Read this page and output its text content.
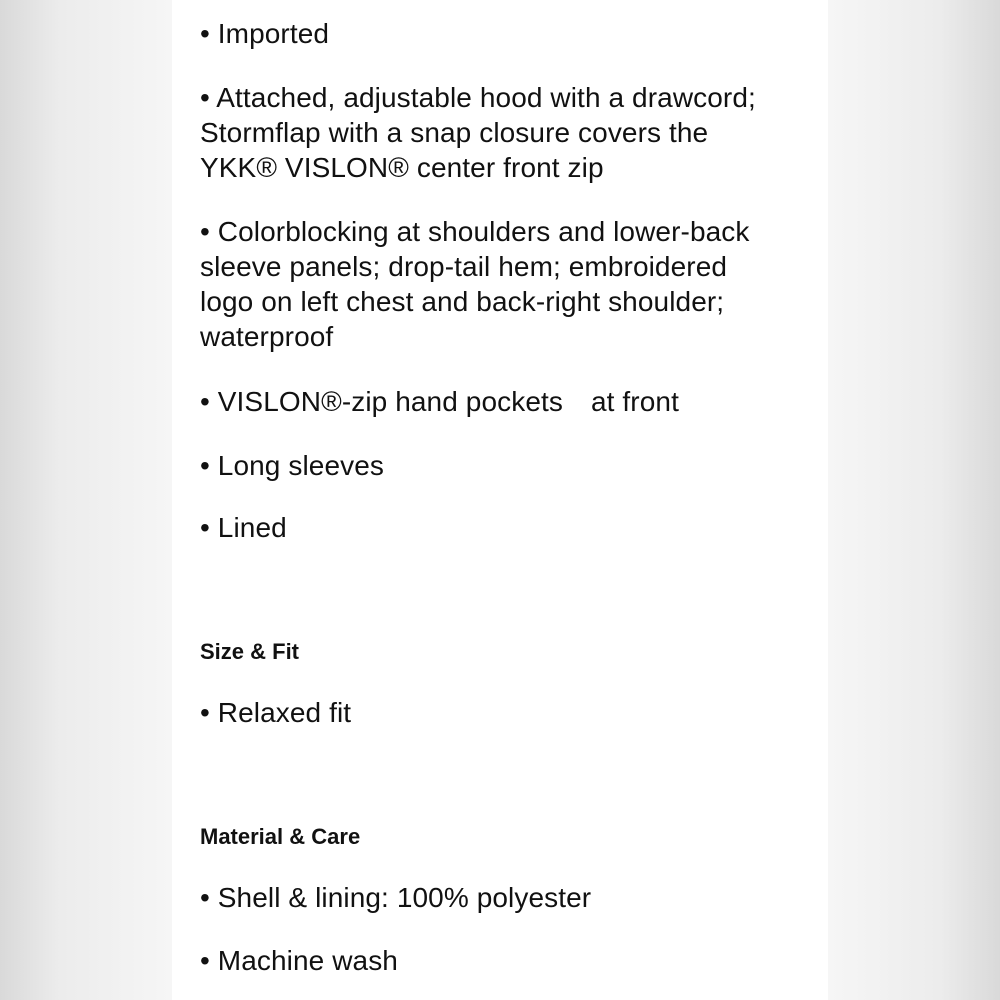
• Imported
• Attached, adjustable hood with a drawcord;
Stormflap with a snap closure covers the
YKK® VISLON® center front zip
• Colorblocking at shoulders and lower-back
sleeve panels; drop-tail hem; embroidered
logo on left chest and back-right shoulder;
waterproof
• VISLON®-zip hand pockets at front
• Long sleeves
• Lined
Size & Fit
• Relaxed fit
Material & Care
• Shell & lining: 100% polyester
• Machine wash
